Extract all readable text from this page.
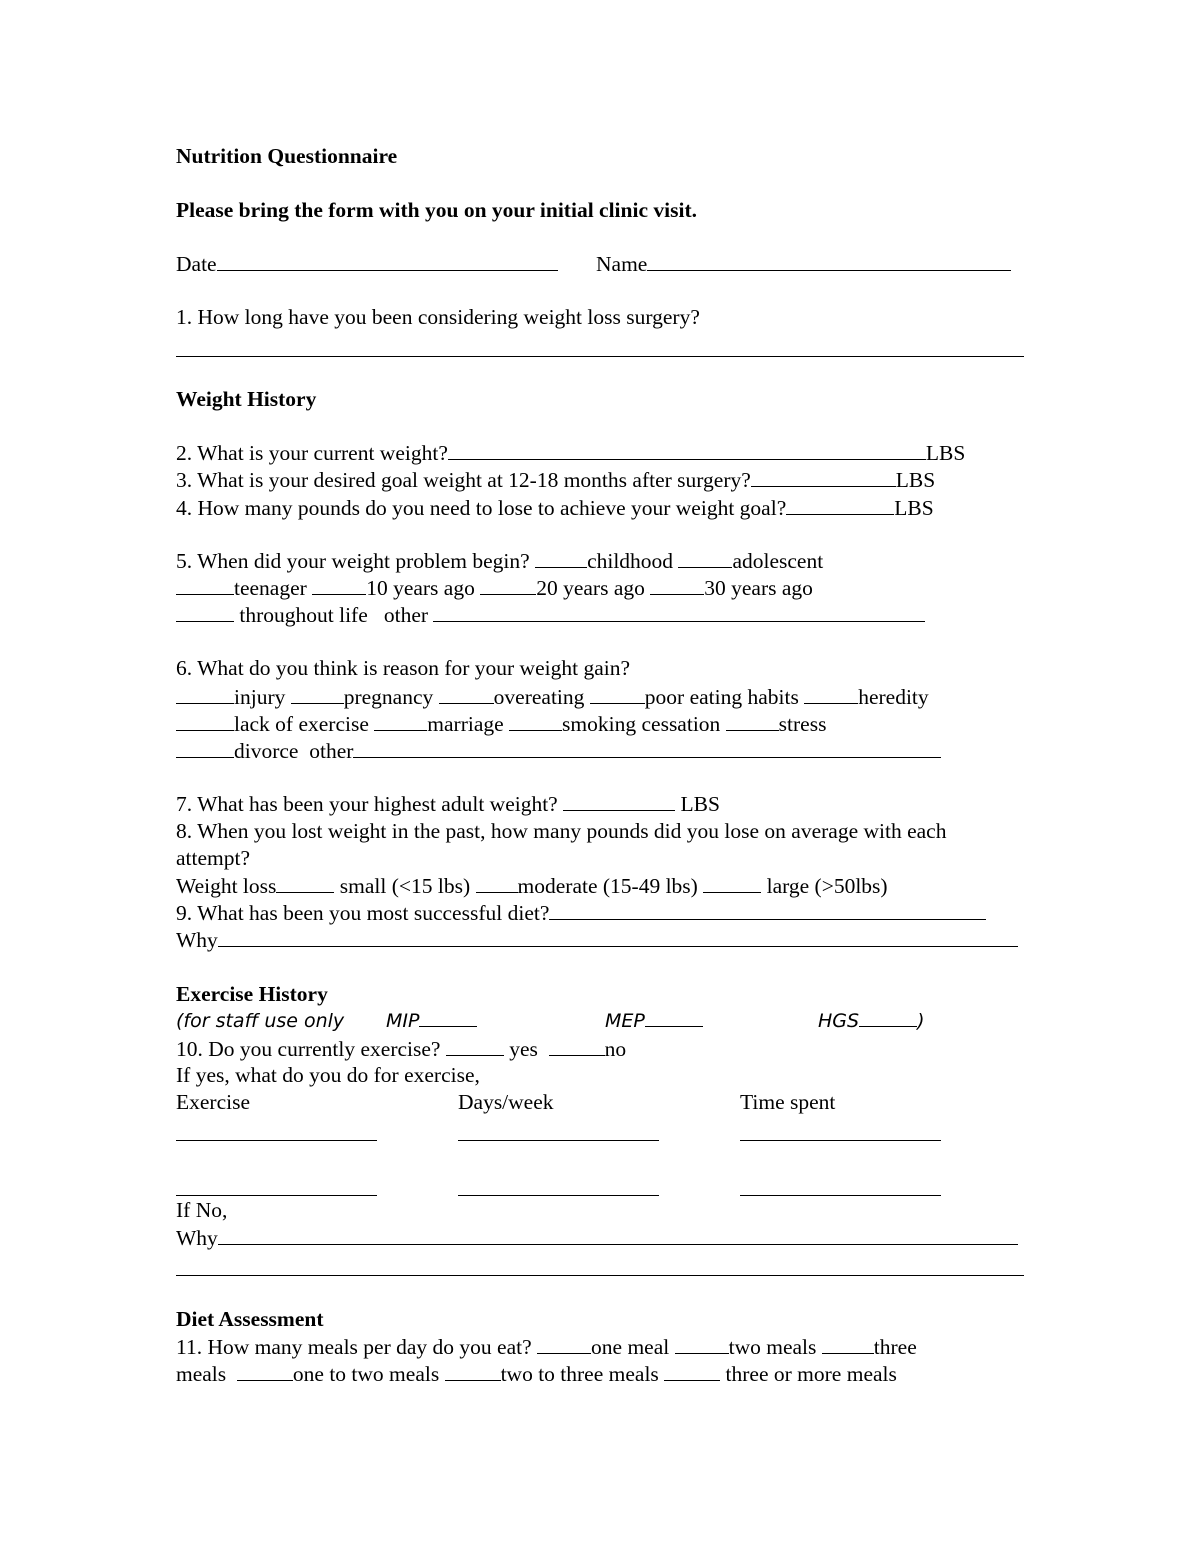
Nutrition Questionnaire
Please bring the form with you on your initial clinic visit.
Date	Name
1. How long have you been considering weight loss surgery?
Weight History
2. What is your current weight?	LBS
3. What is your desired goal weight at 12-18 months after surgery?	LBS
4. How many pounds do you need to lose to achieve your weight goal?	LBS
5. When did your weight problem begin?	childhood	adolescent
teenager	10 years ago	20 years ago	30 years ago
throughout life other
6. What do you think is reason for your weight gain?
injury	pregnancy	overeating	poor eating habits	heredity
lack of exercise	marriage	smoking cessation	stress
divorce other
7. What has been your highest adult weight?	LBS
8. When you lost weight in the past, how many pounds did you lose on average with each
attempt?
Weight loss	small (<15 lbs) moderate (15-49 lbs)	large (>50lbs)
9. What has been you most successful diet?
Why
Exercise History
(for staff use only MIP	MEP	HGS	)
10. Do you currently exercise?	yes	no
If yes, what do you do for exercise,
Exercise	Days/week	Time spent
If No,
Why
Diet Assessment
11. How many meals per day do you eat?	one meal	two meals	three
meals	one to two meals	two to three meals	three or more meals
